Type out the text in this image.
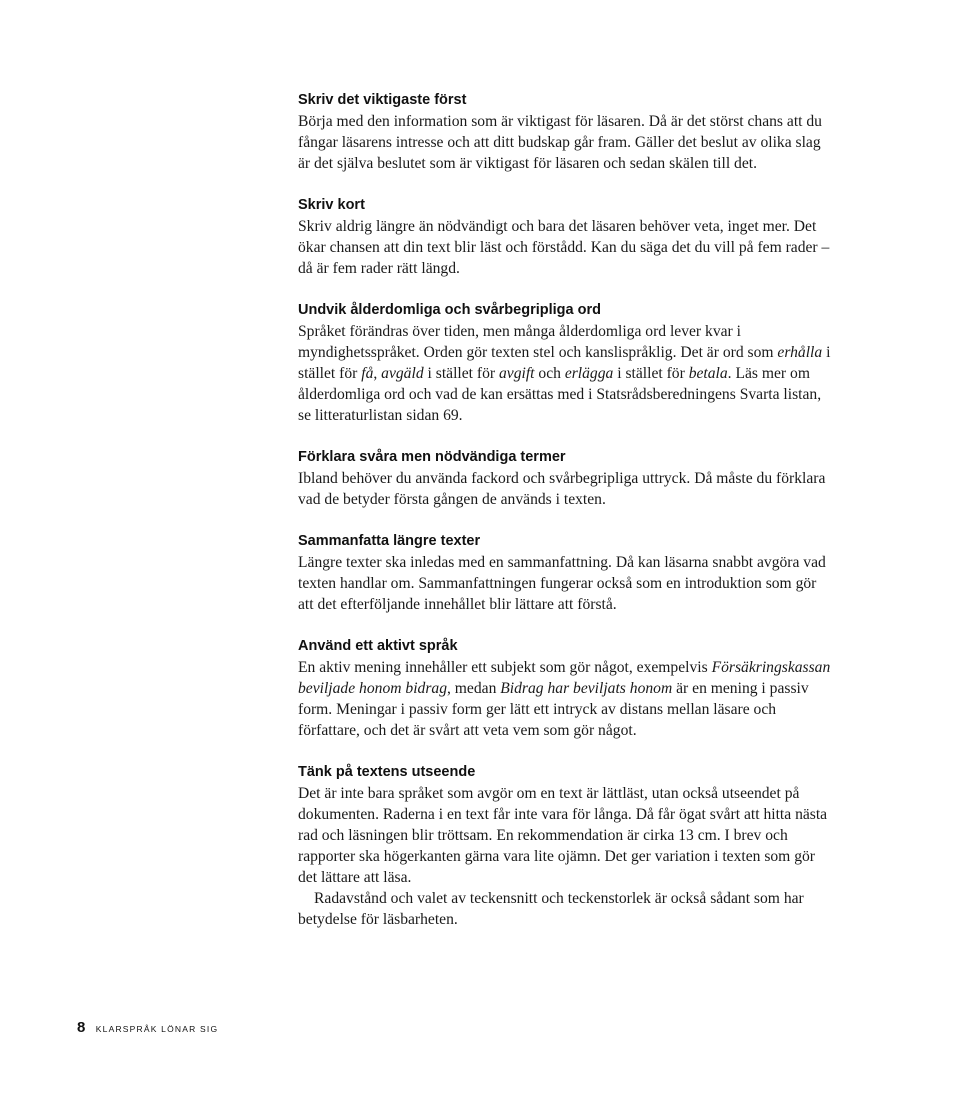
Skriv det viktigaste först

Börja med den information som är viktigast för läsaren. Då är det störst chans att du fångar läsarens intresse och att ditt budskap går fram. Gäller det beslut av olika slag är det själva beslutet som är viktigast för läsaren och sedan skälen till det.

Skriv kort

Skriv aldrig längre än nödvändigt och bara det läsaren behöver veta, inget mer. Det ökar chansen att din text blir läst och förstådd. Kan du säga det du vill på fem rader – då är fem rader rätt längd.

Undvik ålderdomliga och svårbegripliga ord

Språket förändras över tiden, men många ålderdomliga ord lever kvar i myndighetsspråket. Orden gör texten stel och kanslispråklig. Det är ord som erhålla i stället för få, avgäld i stället för avgift och erlägga i stället för betala. Läs mer om ålderdomliga ord och vad de kan ersättas med i Statsrådsberedningens Svarta listan, se litteraturlistan sidan 69.

Förklara svåra men nödvändiga termer

Ibland behöver du använda fackord och svårbegripliga uttryck. Då måste du förklara vad de betyder första gången de används i texten.

Sammanfatta längre texter

Längre texter ska inledas med en sammanfattning. Då kan läsarna snabbt avgöra vad texten handlar om. Sammanfattningen fungerar också som en introduktion som gör att det efterföljande innehållet blir lättare att förstå.

Använd ett aktivt språk

En aktiv mening innehåller ett subjekt som gör något, exempelvis Försäkringskassan beviljade honom bidrag, medan Bidrag har beviljats honom är en mening i passiv form. Meningar i passiv form ger lätt ett intryck av distans mellan läsare och författare, och det är svårt att veta vem som gör något.

Tänk på textens utseende

Det är inte bara språket som avgör om en text är lättläst, utan också utseendet på dokumenten. Raderna i en text får inte vara för långa. Då får ögat svårt att hitta nästa rad och läsningen blir tröttsam. En rekommendation är cirka 13 cm. I brev och rapporter ska högerkanten gärna vara lite ojämn. Det ger variation i texten som gör det lättare att läsa.

Radavstånd och valet av teckensnitt och teckenstorlek är också sådant som har betydelse för läsbarheten.

8 KLARSPRÅK LÖNAR SIG
